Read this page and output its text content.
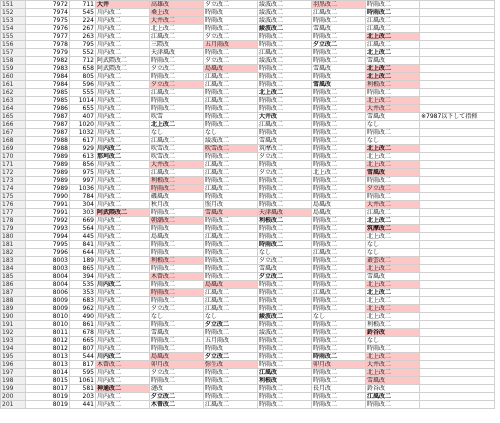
151	7972	711	大井	高雄改	夕立改二	綾波改二	羽黒改二	時雨改二	
152	7974	545	川内改二	桑上改	時雨改	綾波改二	江風改二	時雨改二	
153	7975	224	川内改二	大井改二	時雨改	綾波改二	時雨改二	江風改二	
154	7976	267	川内改二	北上改二	時雨改二	綾波改二	雪風改	江風改二	
155	7977	263	川内改二	江風改二	夕立改二	時雨改二	時雨改二	北上改二	
156	7978	795	川内改二	三隈改	五月雨改	時雨改二	夕立改二	江風改二	
157	7979	552	川内改二	天津風改	時雨改二	江風改二	時雨改二	北上改二	
158	7982	712	阿武隈改二	時雨改二	夕立改二	綾波改二	時雨改二	雪風改	
159	7983	658	阿武隈改二	夕立改二	島風改	時雨改二	雪風改	北上改二	
160	7984	805	川内改二	時雨改二	江風改二	時雨改二	時雨改	北上改二	
161	7984	596	川内改二	夕立改二	江風改二	時雨改二	雪風改	利根改二	
162	7985	555	川内改二	江風改二	時雨改二	北上改二	時雨改二	時雨改二	
163	7985	1014	川内改二	時雨改	江風改二	時雨改二	時雨改二	北上改二	
164	7986	655	川内改二	時雨改二	時雨改二	時雨改二	時雨改二	大井改二	
165	7987	407	川内改二	吹雪	時雨改二	大井改	時雨改二	雪風改	※7987以下して指揮
166	7987	1020	川内改二	北上改二	時雨改二	江風改二	時雨改二	なし	
167	7987	1032	川内改二	なし	なし	時雨改	時雨改二	時雨改二	
168	7988	617	川内改二	江風改二	綾波改二	雪風改	時雨改二	なし	
169	7988	929	川内改二	吹雪改二	吹雪改二	筑摩改二	時雨改二	北上改二	
170	7989	613	那珂改二	吹雪改二	時雨改二	夕立改二	時雨改二	北上改二	
171	7989	856	川内改二	大井改二	江風改二	時雨改	時雨改二	北上改二	
172	7989	975	川内改二	江風改二	江風改二	夕立改二	北上改二	雪風改	
173	7989	997	川内改二	利根改二	時雨改二	時雨改二	時雨改二	時雨改二	
174	7989	1036	川内改二	時雨改二	江風改二	時雨改二	時雨改二	夕立改二	
175	7990	784	川内改二	磯風改	時雨改	時雨改二	時雨改二	時雨改二	
176	7991	304	川内改二	秋月改	照月改	時雨改二	島風改	大井改二	
177	7991	303	阿武隈改二	時雨改二	雪風改	天津風改	島風改	江風改二	
178	7992	669	川内改二	朝潮改二	時雨改二	利根改二	時雨改二	北上改二	
179	7993	564	川内改二	時雨改	時雨改二	時雨改二	時雨改二	筑摩改二	
180	7994	445	川内改二	島風改	江風改二	時雨改二	時雨改二	北上改二	
181	7995	841	川内改二	時雨改二	時雨改二	時雨改二	時雨改二	なし	
182	7996	644	川内改二	時雨改	時雨改二	なし	江風改二	なし	
183	8003	189	川内改二	利根改二	時雨改二	夕立改二	時雨改二	叢雲改二	
184	8003	865	川内改二	時雨改二	時雨改二	雪風改	時雨改二	北上改二	
185	8004	394	川内改二	木曾改二	時雨改二	夕立改二	時雨改二	雪風改	
186	8004	535	川内改二	時雨改二	島風改	時雨改二	時雨改二	北上改二	
187	8006	353	川内改二	時雨改二	江風改二	時雨改二	江風改二	北上改二	
188	8009	683	川内改二	時雨改二	江風改二	時雨改	時雨改二	北上改二	
189	8009	962	川内改二	夕立改二	江風改二	時雨改二	時雨改二	北上改二	
190	8010	490	川内改二	なし	なし	綾波改二	なし	北上改二	
191	8010	861	川内改二	時雨改二	夕立改二	時雨改二	時雨改二	利根改二	
192	8011	678	川内改二	雪風改	時雨改二	綾波改二	時雨改二	鈴谷改	
193	8012	665	川内改二	時雨改二	五月雨改	時雨改二	時雨改二	なし	
194	8012	807	川内改二	時雨改二	時雨改	時雨改二	時雨改二	時雨改二	
195	8013	544	川内改二	島風改	夕立改二	時雨改二	時雨改二	北上改二	
196	8013	817	木曾改二	卯月改	弥生改	時雨改二	卯月改	大井改二	
197	8014	595	川内改二	夕立改二	時雨改二	江風改	時雨改二	北上改二	
198	8015	1061	川内改二	時雨改二	時雨改二	利根改	時雨改二	雪風改	
199	8017	581	神通改二	漣改	時雨改	時雨改二	長月改	鈴谷改	
200	8019	203	川内改二	夕立改二	時雨改二	時雨改二	時雨改二	江風改二	
201	8019	441	川内改二	木曾改二	江風改二	時雨改二	時雨改二	時雨改二	
